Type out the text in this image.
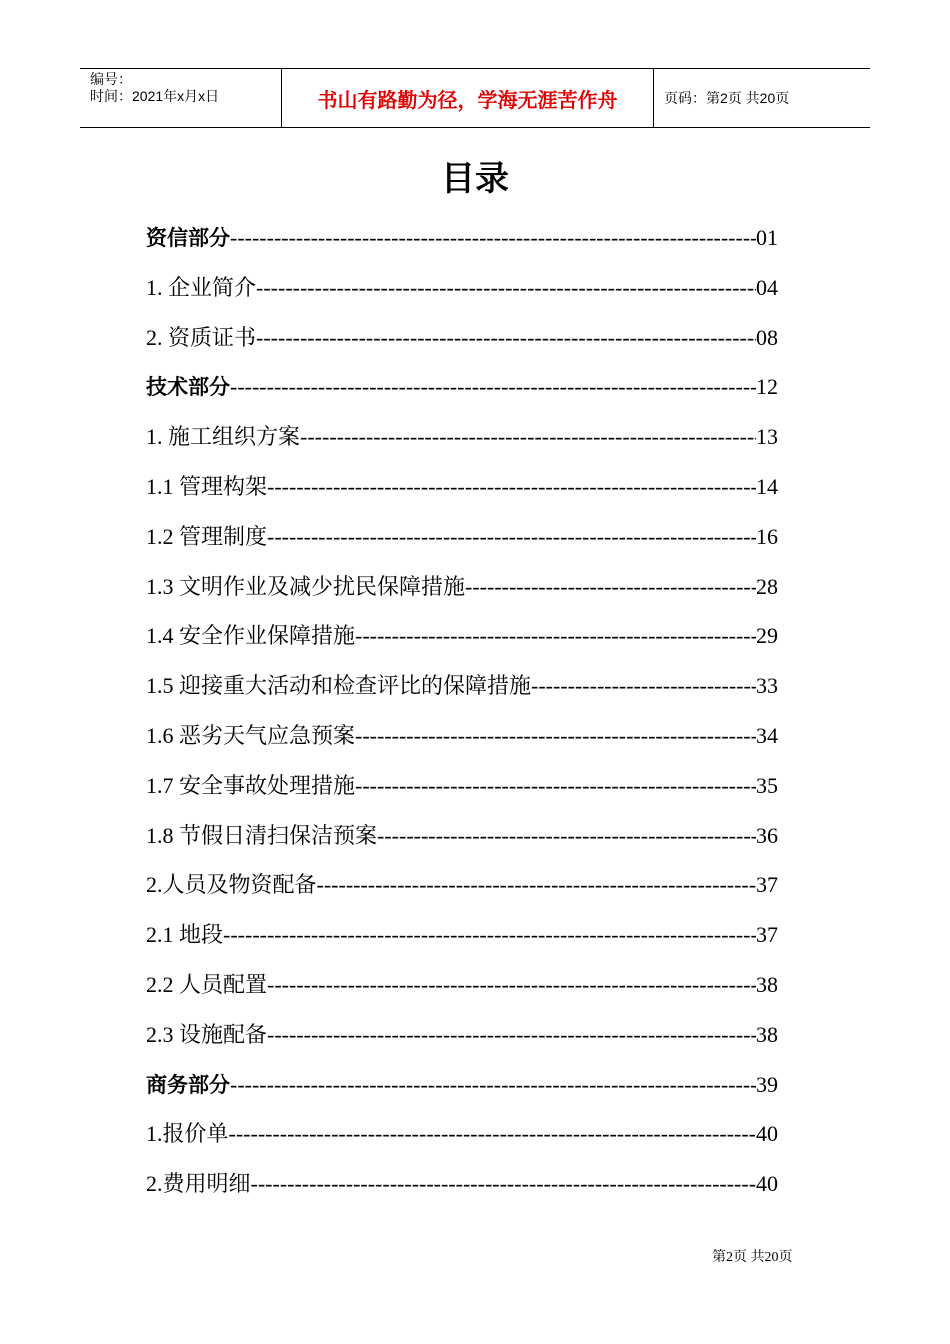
编号：
时间：2021年x月x日	书山有路勤为径，学海无涯苦作舟	页码：第2页 共20页
目录
资信部分 -----	01
1. 企业简介 -----	04
2. 资质证书 -----	08
技术部分 -----	12
1. 施工组织方案 -----	13
1.1 管理构架 -----	14
1.2 管理制度 -----	16
1.3 文明作业及减少扰民保障措施 -----	28
1.4 安全作业保障措施 -----	29
1.5 迎接重大活动和检查评比的保障措施 -----	33
1.6 恶劣天气应急预案 -----	34
1.7 安全事故处理措施 -----	35
1.8 节假日清扫保洁预案 -----	36
2.人员及物资配备 -----	37
2.1 地段 -----	37
2.2 人员配置 -----	38
2.3 设施配备 -----	38
商务部分 -----	39
1.报价单 -----	40
2.费用明细 -----	40
第2页 共20页
